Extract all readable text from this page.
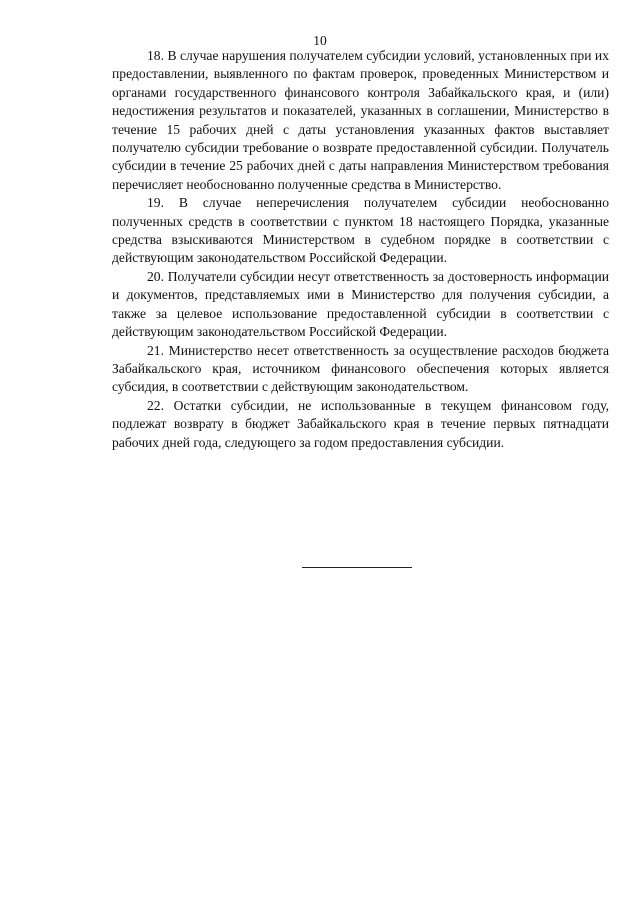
10

18. В случае нарушения получателем субсидии условий, установленных при их предоставлении, выявленного по фактам проверок, проведенных Министерством и органами государственного финансового контроля Забайкальского края, и (или) недостижения результатов и показателей, указанных в соглашении, Министерство в течение 15 рабочих дней с даты установления указанных фактов выставляет получателю субсидии требование о возврате предоставленной субсидии. Получатель субсидии в течение 25 рабочих дней с даты направления Министерством требования перечисляет необоснованно полученные средства в Министерство.

19. В случае неперечисления получателем субсидии необоснованно полученных средств в соответствии с пунктом 18 настоящего Порядка, указанные средства взыскиваются Министерством в судебном порядке в соответствии с действующим законодательством Российской Федерации.

20. Получатели субсидии несут ответственность за достоверность информации и документов, представляемых ими в Министерство для получения субсидии, а также за целевое использование предоставленной субсидии в соответствии с действующим законодательством Российской Федерации.

21. Министерство несет ответственность за осуществление расходов бюджета Забайкальского края, источником финансового обеспечения которых является субсидия, в соответствии с действующим законодательством.

22. Остатки субсидии, не использованные в текущем финансовом году, подлежат возврату в бюджет Забайкальского края в течение первых пятнадцати рабочих дней года, следующего за годом предоставления субсидии.
